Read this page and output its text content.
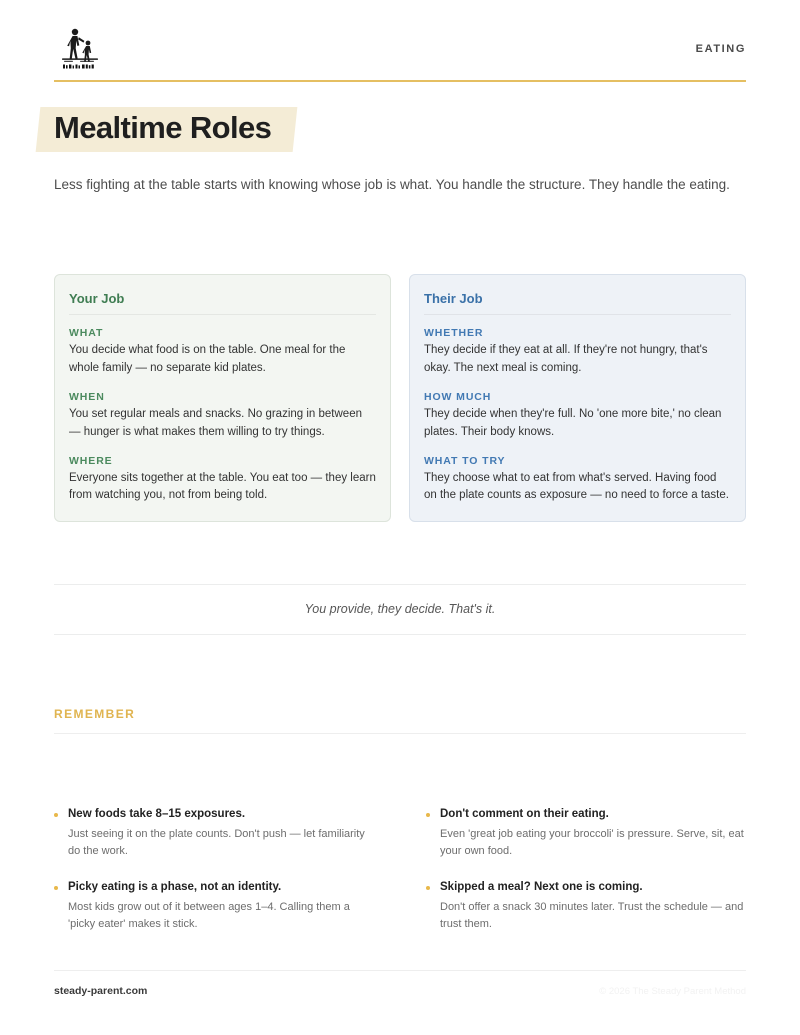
EATING
Mealtime Roles

Less fighting at the table starts with knowing whose job is what. You handle the structure. They handle the eating.

Your Job

WHAT

You decide what food is on the table. One meal for the whole family — no separate kid plates.

WHEN

You set regular meals and snacks. No grazing in between — hunger is what makes them willing to try things.

WHERE

Everyone sits together at the table. You eat too — they learn from watching you, not from being told.

Their Job

WHETHER

They decide if they eat at all. If they're not hungry, that's okay. The next meal is coming.

HOW MUCH

They decide when they're full. No 'one more bite,' no clean plates. Their body knows.

WHAT TO TRY

They choose what to eat from what's served. Having food on the plate counts as exposure — no need to force a taste.

You provide, they decide. That's it.

REMEMBER

New foods take 8–15 exposures.

Just seeing it on the plate counts. Don't push — let familiarity do the work.

Picky eating is a phase, not an identity.

Most kids grow out of it between ages 1–4. Calling them a 'picky eater' makes it stick.

Don't comment on their eating.

Even 'great job eating your broccoli' is pressure. Serve, sit, eat your own food.

Skipped a meal? Next one is coming.

Don't offer a snack 30 minutes later. Trust the schedule — and trust them.

steady-parent.com	© 2026 The Steady Parent Method
